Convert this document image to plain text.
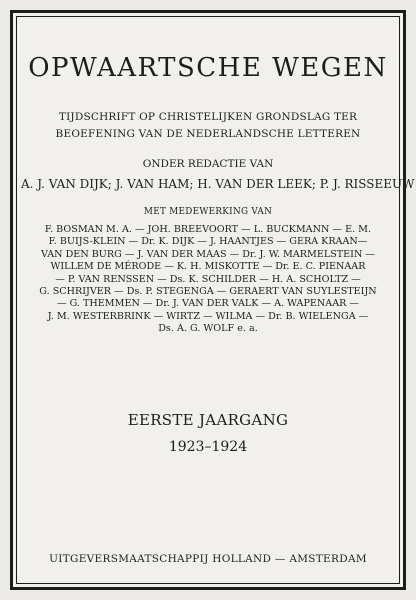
OPWAARTSCHE WEGEN
TIJDSCHRIFT OP CHRISTELIJKEN GRONDSLAG TER
BEOEFENING VAN DE NEDERLANDSCHE LETTEREN
ONDER REDACTIE VAN
A. J. VAN DIJK; J. VAN HAM; H. VAN DER LEEK; P. J. RISSEEUW
MET MEDEWERKING VAN
F. BOSMAN M. A. — JOH. BREEVOORT — L. BUCKMANN — E. M.
F. BUIJS-KLEIN — Dr. K. DIJK — J. HAANTJES — GERA KRAAN—
VAN DEN BURG — J. VAN DER MAAS — Dr. J. W. MARMELSTEIN —
WILLEM DE MÉRODE — K. H. MISKOTTE — Dr. E. C. PIENAAR
— P. VAN RENSSEN — Ds. K. SCHILDER — H. A. SCHOLTZ —
G. SCHRIJVER — Ds. P. STEGENGA — GERAERT VAN SUYLESTEIJN
— G. THEMMEN — Dr. J. VAN DER VALK — A. WAPENAAR —
J. M. WESTERBRINK — WIRTZ — WILMA — Dr. B. WIELENGA —
Ds. A. G. WOLF e. a.
EERSTE JAARGANG
1923–1924
UITGEVERSMAATSCHAPPIJ HOLLAND — AMSTERDAM
